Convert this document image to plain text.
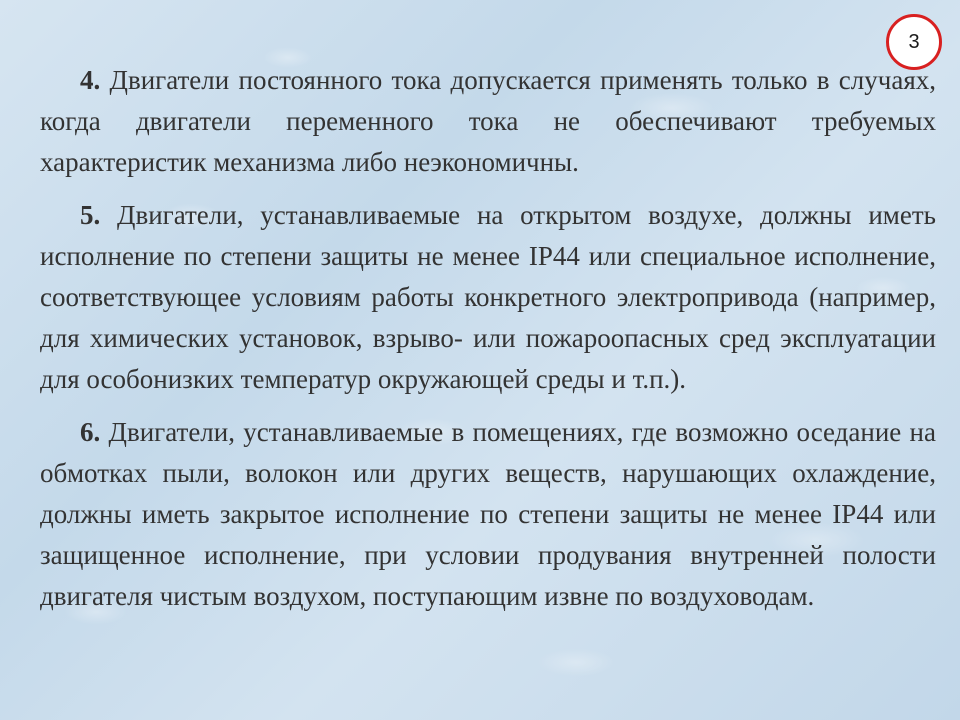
3

4. Двигатели постоянного тока допускается применять только в случаях, когда двигатели переменного тока не обеспечивают требуемых характеристик механизма либо неэкономичны.

5. Двигатели, устанавливаемые на открытом воздухе, должны иметь исполнение по степени защиты не менее IP44 или специальное исполнение, соответствующее условиям работы конкретного электропривода (например, для химических установок, взрыво- или пожароопасных сред эксплуатации для особонизких температур окружающей среды и т.п.).

6. Двигатели, устанавливаемые в помещениях, где возможно оседание на обмотках пыли, волокон или других веществ, нарушающих охлаждение, должны иметь закрытое исполнение по степени защиты не менее IP44 или защищенное исполнение, при условии продувания внутренней полости двигателя чистым воздухом, поступающим извне по воздуховодам.
